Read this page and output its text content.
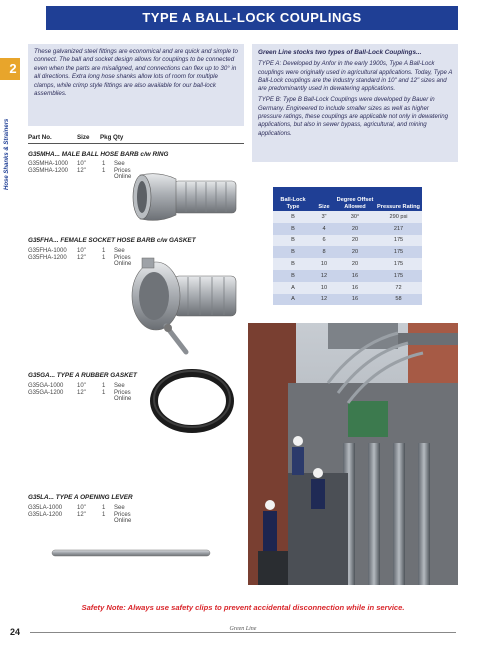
TYPE A BALL-LOCK COUPLINGS
2
Hose Shanks & Strainers
These galvanized steel fittings are economical and are quick and simple to connect. The ball and socket design allows for couplings to be connected even when the parts are misaligned, and connections can flex up to 30° in all directions. Extra long hose shanks allow lots of room for multiple clamps, while crimp style fittings are also available for our ball-lock assemblies.

Green Line stocks two types of Ball-Lock Couplings...

TYPE A: Developed by Anfor in the early 1900s, Type A Ball-Lock couplings were originally used in agricultural applications. Today, Type A Ball-Lock couplings are the industry standard in 10" and 12" sizes and are predominantly used in dewatering applications.

TYPE B: Type B Ball-Lock Couplings were developed by Bauer in Germany. Engineered to include smaller sizes as well as higher pressure ratings, these couplings are applicable not only in dewatering applications, but also in sewer bypass, agricultural, and mining applications.

Part No.	Size Pkg Qty
G35MHA... MALE BALL HOSE BARB c/w RING
G35MHA-1000 10"	1 See
G35MHA-1200 12"	1 Prices
Online
G35FHA... FEMALE SOCKET HOSE BARB c/w GASKET
G35FHA-1000 10"	1 See
G35FHA-1200 12"	1 Prices
Online
G35GA... TYPE A RUBBER GASKET
G35GA-1000 10"	1 See
G35GA-1200 12"	1 Prices
Online
G35LA... TYPE A OPENING LEVER
G35LA-1000 10"	1 See
G35LA-1200 12"	1 Prices
Online
Ball-Lock Type	Size	Degree Offset Allowed	Pressure Rating
B	3"	30°	290 psi
B	4	20	217
B	6	20	175
B	8	20	175
B	10	20	175
B	12	16	175
A	10	16	72
A	12	16	58
Safety Note: Always use safety clips to prevent accidental disconnection while in service.
24	Green Line
